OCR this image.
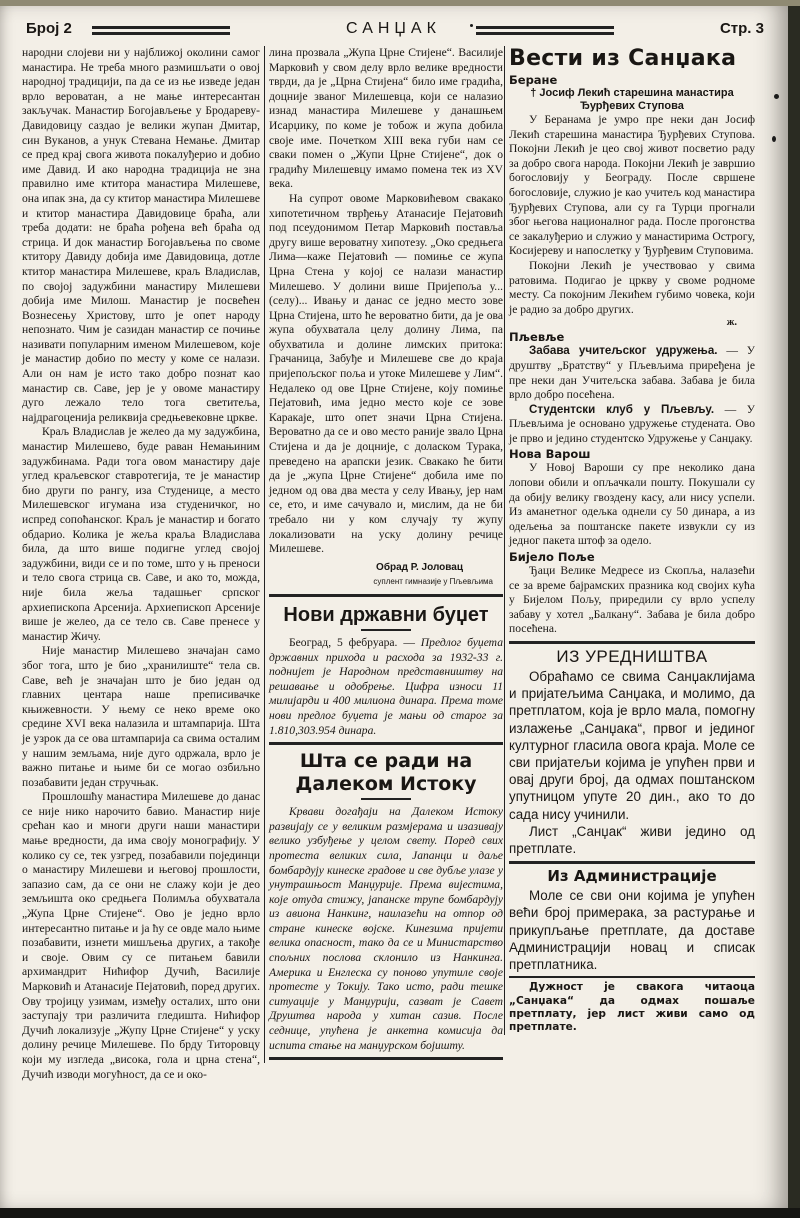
Број 2	САНЏАК	Стр. 3

народни слојеви ни у најближој околини самог манастира. Не треба много размишљати о овој народној традицији, па да се из ње изведе један врло вероватан, а не мање интересантан закључак. Манастир Богојављење у Бродареву-Давидовицу саздао је велики жупан Дмитар, син Вуканов, а унук Стевана Немање. Дмитар се пред крај свога живота покалуђерио и добио име Давид. И ако народна традиција не зна правилно име ктитора манастира Милешеве, она ипак зна, да су ктитор манастира Милешеве и ктитор манастира Давидовице браћа, али треба додати: не браћа рођена већ браћа од стрица. И док манастир Богојављења по своме ктитору Давиду добија име Давидовица, дотле ктитор манастира Милешеве, краљ Владислав, по својој задужбини манастиру Милешеви добија име Милош. Манастир је посвећен Вознесењу Христову, што је опет народу непознато. Чим је сазидан манастир се почиње називати популарним именом Милешевом, које је манастир добио по месту у коме се налази. Али он нам је исто тако добро познат као манастир св. Саве, јер је у овоме манастиру дуго лежало тело тога светитеља, најдрагоценија реликвија средњевековне цркве.

Краљ Владислав је желео да му задужбина, манастир Милешево, буде раван Немањиним задужбинама. Ради тога овом манастиру даје углед краљевског ставротегија, те је манастир био други по рангу, иза Студенице, а место Милешевског игумана иза студеничког, но испред сопоћанског. Краљ је манастир и богато обдарио. Колика је жеља краља Владислава била, да што више подигне углед својој задужбини, види се и по томе, што у њ преноси и тело свога стрица св. Саве, и ако то, можда, није била жеља тадашњег српског архиепископа Арсенија. Архиепископ Арсеније више је желео, да се тело св. Саве пренесе у манастир Жичу.

Није манастир Милешево значајан само због тога, што је био „хранилиште“ тела св. Саве, већ је значајан што је био један од главних центара наше преписивачке књижевности. У њему се неко време око средине XVI века налазила и штампарија. Шта је узрок да се ова штампарија са свима осталим у нашим земљама, није дуго одржала, врло је важно питање и њиме би се могао озбиљно позабавити један стручњак.

Прошлошћу манастира Милешеве до данас се није нико нарочито бавио. Манастир није срећан као и многи други наши манастири мање вредности, да има своју монографију. У колико су се, тек узгред, позабавили појединци о манастиру Милешеви и његовој прошлости, запазио сам, да се они не слажу који је део земљишта око средњега Полимља обухватала „Жупа Црне Стијене“. Ово је једно врло интересантно питање и ја ћу се овде мало њиме позабавити, изнети мишљења других, а такође и своје. Овим су се питањем бавили архимандрит Нићифор Дучић, Василије Марковић и Атанасије Пејатовић, поред других. Ову тројицу узимам, између осталих, што они заступају три различита гледишта. Нићифор Дучић локализује „Жупу Црне Стијене“ у уску долину речице Милешеве. По брду Титоровцу који му изгледа „висока, гола и црна стена“, Дучић изводи могућност, да се и око-

лина прозвала „Жупа Црне Стијене“. Василије Марковић у свом делу врло велике вредности тврди, да је „Црна Стијена“ било име градића, доцније званог Милешевца, који се налазио изнад манастира Милешеве у данашњем Исарџику, по коме је тобож и жупа добила своје име. Почетком XIII века губи нам се сваки помен о „Жупи Црне Стијене“, док о градићу Милешевцу имамо помена тек из XV века.

На супрот овоме Марковићевом свакако хипотетичном тврђењу Атанасије Пејатовић под псеудонимом Петар Марковић поставља другу више вероватну хипотезу. „Око средњега Лима—каже Пејатовић — помиње се жупа Црна Стена у којој се налази манастир Милешево. У долини више Пријепоља у... (селу)... Ивању и данас се једно место зове Црна Стијена, што ће вероватно бити, да је ова жупа обухватала целу долину Лима, па обухватила и долине лимских притока: Грачаница, Забуђе и Милешеве све до краја пријепољског поља и утоке Милешеве у Лим“. Недалеко од ове Црне Стијене, коју помиње Пејатовић, има једно место које се зове Каракаје, што опет значи Црна Стијена. Вероватно да се и ово место раније звало Црна Стијена и да је доцније, с доласком Турака, преведено на арапски језик. Свакако ће бити да је „жупа Црне Стијене“ добила име по једном од ова два места у селу Ивању, јер нам се, ето, и име сачувало и, мислим, да не би требало ни у ком случају ту жупу локализовати на уску долину речице Милешеве.

Обрад Р. Јоловац
суплент гимназије у Пљевљима
Нови државни буџет

Београд, 5 фебруара. — Предлог буџета државних прихода и расхода за 1932-33 г. поднијет је Народном представништву на решавање и одобрење. Цифра износи 11 милијарди и 400 милиона динара. Према томе нови предлог буџета је мањи од старог за 1.810,303.954 динара.

Шта се ради на Далеком Истоку

Крвави догађаји на Далеком Истоку развијају се у великим размјерама и изазивају велико узбуђење у целом свету. Поред свих протеста великих сила, Јапанци и даље бомбардују кинеске градове и све дубље улазе у унутрашњост Манџурије. Према вијестима, које отуда стижу, јапанске трупе бомбардују из авиона Нанкинг, наилазећи на отпор од стране кинеске војске. Кинезима пријети велика опасност, тако да се и Министарство спољних послова склонило из Нанкинга. Америка и Енглеска су поново упутиле своје протесте у Токију. Тако исто, ради тешке ситуације у Манџурији, сазват је Савет Друштва народа у хитан сазив. После седнице, упућена је анкетна комисија да испита стање на манџурском бојишту.

Вести из Санџака
Беране
† Јосиф Лекић старешина манастира Ђурђевих Ступова

У Беранама је умро пре неки дан Јосиф Лекић старешина манастира Ђурђевих Ступова. Покојни Лекић је цео свој живот посветио раду за добро свога народа. Покојни Лекић је завршио богословију у Београду. После свршене богословије, служио је као учитељ код манастира Ђурђевих Ступова, али су га Турци прогнали због његова националног рада. После прогонства се закалуђерио и служио у манастирима Острогу, Косијереву и напослетку у Ђурђевим Ступовима.

Покојни Лекић је учествовао у свима ратовима. Подигао је цркву у своме родноме месту. Са покојним Лекићем губимо човека, који је радио за добро других.

ж.
Пљевље

Забава учитељског удружења. — У друштву „Братству“ у Пљевљима приређена је пре неки дан Учитељска забава. Забава је била врло добро посећена.

Студентски клуб у Пљевљу. — У Пљевљима је основано удружење студената. Ово је прво и једино студентско Удружење у Санџаку.

Нова Варош

У Новој Вароши су пре неколико дана лопови обили и опљачкали пошту. Покушали су да обију велику гвоздену касу, али нису успели. Из аманетног одељка однели су 50 динара, а из одељења за поштанске пакете извукли су из једног пакета штоф за одело.

Бијело Поље

Ђаци Велике Медресе из Скопља, налазећи се за време бајрамских празника код својих кућа у Бијелом Пољу, приредили су врло успелу забаву у хотел „Балкану“. Забава је била добро посећена.

ИЗ УРЕДНИШТВА

Обраћамо се свима Санџаклијама и пријатељима Санџака, и молимо, да претплатом, која је врло мала, помогну излажење „Санџака“, првог и јединог културног гласила овога краја. Моле се сви пријатељи којима је упућен први и овај други број, да одмах поштанском упутницом упуте 20 дин., ако то до сада нису учинили.

Лист „Санџак“ живи једино од претплате.

Из Администрације

Моле се сви они којима је упућен већи број примерака, за растурање и прикупљање претплате, да доставе Администрацији новац и списак претплатника.

Дужност је свакога читаоца „Санџака“ да одмах пошаље претплату, јер лист живи само од претплате.
